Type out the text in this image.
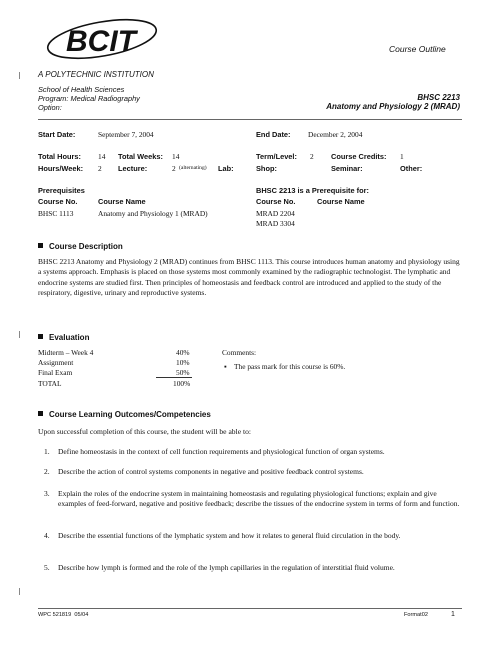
BCIT	Course Outline
A POLYTECHNIC INSTITUTION
School of Health Sciences
Program: Medical Radiography
Option:
BHSC 2213
Anatomy and Physiology 2 (MRAD)
Start Date:	September 7, 2004	End Date: December 2, 2004
Total Hours: 14 Total Weeks: 14	Term/Level: 2 Course Credits: 1
Hours/Week: 2 Lecture:	2 (alternating) Lab:	Shop:	Seminar:	Other:
Prerequisites	BHSC 2213 is a Prerequisite for:
Course No.	Course Name	Course No.	Course Name
BHSC 1113	Anatomy and Physiology 1 (MRAD)	MRAD 2204
MRAD 3304
Course Description
BHSC 2213 Anatomy and Physiology 2 (MRAD) continues from BHSC 1113. This course introduces human anatomy and physiology using a systems approach. Emphasis is placed on those systems most commonly examined by the radiographic technologist. The lymphatic and endocrine systems are studied first. Then principles of homeostasis and feedback control are introduced and applied to the study of the respiratory, digestive, urinary and reproductive systems.
Evaluation
Midterm – Week 4	40%
Assignment	10%
Final Exam	50%
TOTAL	100%
Comments:
▪ The pass mark for this course is 60%.
Course Learning Outcomes/Competencies
Upon successful completion of this course, the student will be able to:
1. Define homeostasis in the context of cell function requirements and physiological function of organ systems.
2. Describe the action of control systems components in negative and positive feedback control systems.
3. Explain the roles of the endocrine system in maintaining homeostasis and regulating physiological functions; explain and give examples of feed-forward, negative and positive feedback; describe the tissues of the endocrine system in terms of form and function.
4. Describe the essential functions of the lymphatic system and how it relates to general fluid circulation in the body.
5. Describe how lymph is formed and the role of the lymph capillaries in the regulation of interstitial fluid volume.
WPC 521819 05/04	Format02	1
